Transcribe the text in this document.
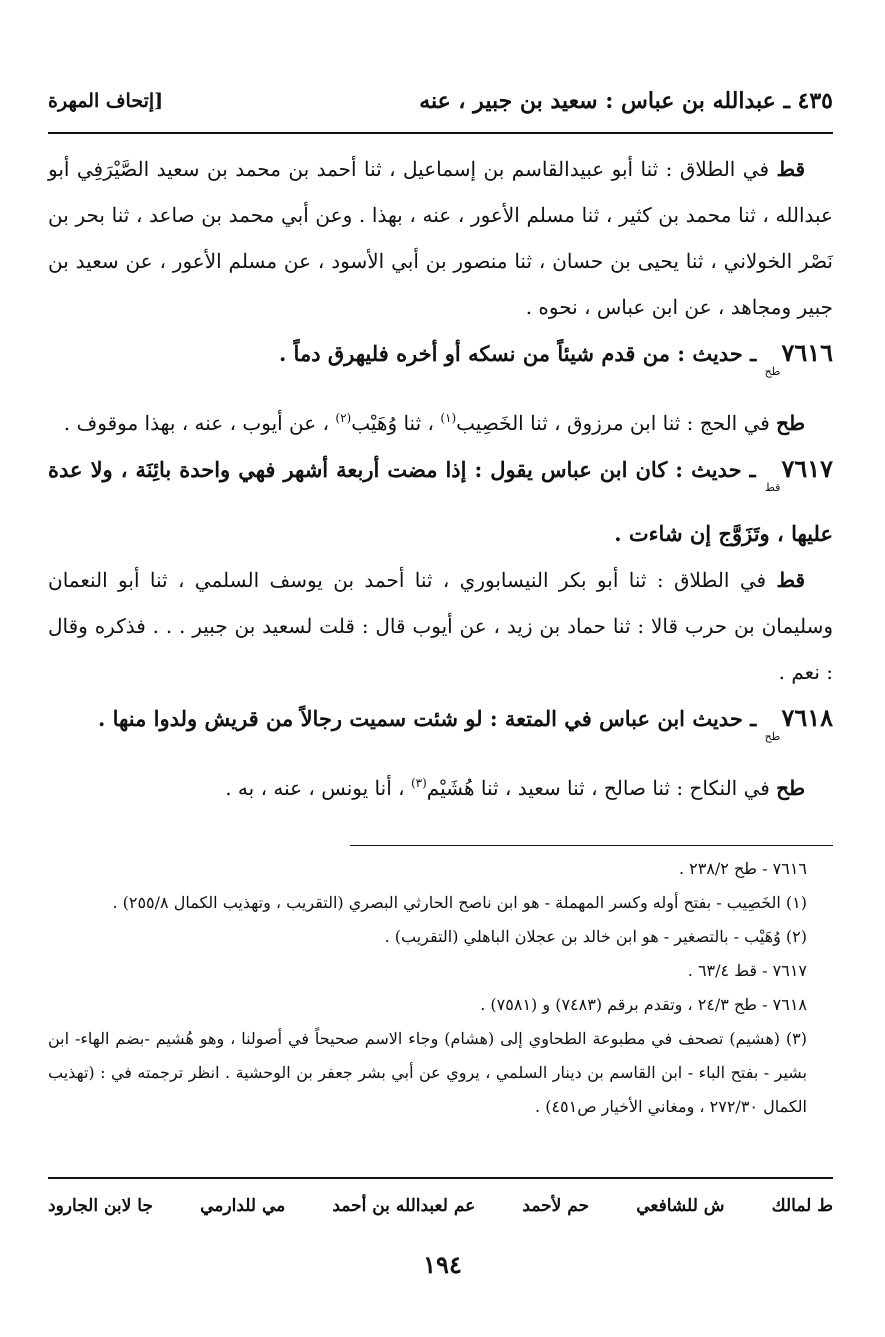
٤٣٥ ـ عبدالله بن عباس : سعيد بن جبير ، عنه
[إتحاف المهرة

قط في الطلاق : ثنا أبو عبيدالقاسم بن إسماعيل ، ثنا أحمد بن محمد بن سعيد الصَّيْرَفِي أبو عبدالله ، ثنا محمد بن كثير ، ثنا مسلم الأعور ، عنه ، بهذا . وعن أبي محمد بن صاعد ، ثنا بحر بن نَصْر الخولاني ، ثنا يحيى بن حسان ، ثنا منصور بن أبي الأسود ، عن مسلم الأعور ، عن سعيد بن جبير ومجاهد ، عن ابن عباس ، نحوه .

٧٦١٦طح ـ حديث : من قدم شيئاً من نسكه أو أخره فليهرق دماً .

طح في الحج : ثنا ابن مرزوق ، ثنا الخَصِيب$^{(١)}$ ، ثنا وُهَيْب$^{(٢)}$ ، عن أيوب ، عنه ، بهذا موقوف .

٧٦١٧قط ـ حديث : كان ابن عباس يقول : إذا مضت أربعة أشهر فهي واحدة بائِنَة ، ولا عدة عليها ، وتَزَوَّج إن شاءت .

قط في الطلاق : ثنا أبو بكر النيسابوري ، ثنا أحمد بن يوسف السلمي ، ثنا أبو النعمان وسليمان بن حرب قالا : ثنا حماد بن زيد ، عن أيوب قال : قلت لسعيد بن جبير . . . فذكره وقال : نعم .

٧٦١٨طح ـ حديث ابن عباس في المتعة : لو شئت سميت رجالاً من قريش ولدوا منها .

طح في النكاح : ثنا صالح ، ثنا سعيد ، ثنا هُشَيْم$^{(٣)}$ ، أنا يونس ، عنه ، به .

٧٦١٦ - طح ٢٣٨/٢ .

(١) الخَصِيب - بفتح أوله وكسر المهملة - هو ابن ناصح الحارثي البصري (التقريب ، وتهذيب الكمال ٢٥٥/٨) .

(٢) وُهَيْب - بالتصغير - هو ابن خالد بن عجلان الباهلي (التقريب) .

٧٦١٧ - قط ٦٣/٤ .

٧٦١٨ - طح ٢٤/٣ ، وتقدم برقم (٧٤٨٣) و (٧٥٨١) .

(٣) (هشيم) تصحف في مطبوعة الطحاوي إلى (هشام) وجاء الاسم صحيحاً في أصولنا ، وهو هُشيم -بضم الهاء- ابن بشير - بفتح الباء - ابن القاسم بن دينار السلمي ، يروي عن أبي بشر جعفر بن الوحشية . انظر ترجمته في : (تهذيب الكمال ٢٧٢/٣٠ ، ومغاني الأخيار ص٤٥١) .

ط لمالك
ش للشافعي
حم لأحمد
عم لعبدالله بن أحمد
مي للدارمي
جا لابن الجارود
١٩٤
